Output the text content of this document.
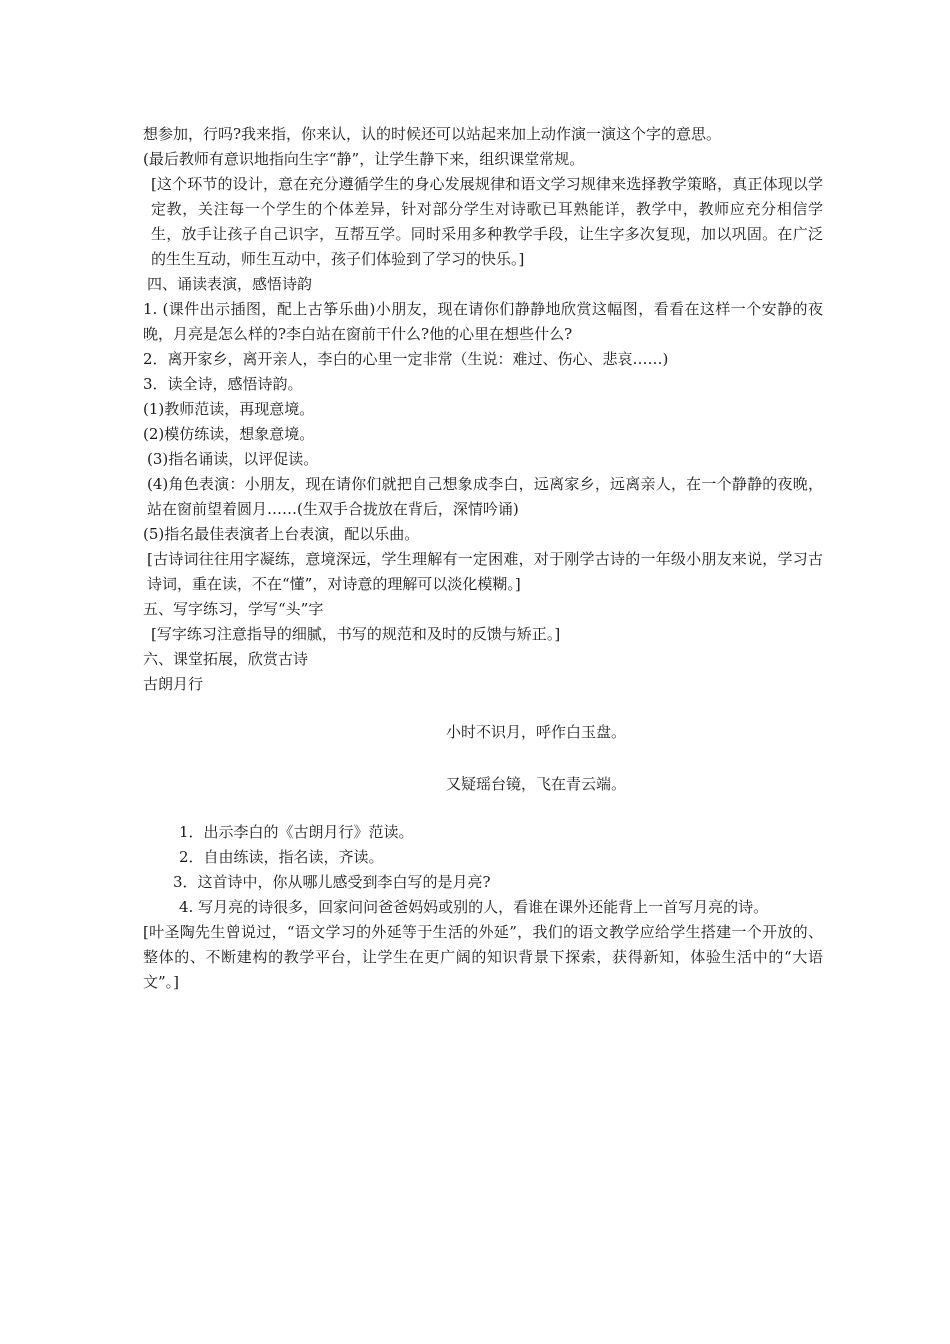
想参加，行吗?我来指，你来认，认的时候还可以站起来加上动作演一演这个字的意思。

(最后教师有意识地指向生字“静”，让学生静下来，组织课堂常规。

[这个环节的设计，意在充分遵循学生的身心发展规律和语文学习规律来选择教学策略，真正体现以学定教，关注每一个学生的个体差异，针对部分学生对诗歌已耳熟能详，教学中，教师应充分相信学生，放手让孩子自己识字，互帮互学。同时采用多种教学手段，让生字多次复现，加以巩固。在广泛的生生互动，师生互动中，孩子们体验到了学习的快乐。]

四、诵读表演，感悟诗韵

1. (课件出示插图，配上古筝乐曲)小朋友，现在请你们静静地欣赏这幅图，看看在这样一个安静的夜晚，月亮是怎么样的?李白站在窗前干什么?他的心里在想些什么?

2．离开家乡，离开亲人，李白的心里一定非常（生说：难过、伤心、悲哀……)

3．读全诗，感悟诗韵。

(1)教师范读，再现意境。

(2)模仿练读，想象意境。

(3)指名诵读，以评促读。

(4)角色表演：小朋友，现在请你们就把自己想象成李白，远离家乡，远离亲人，在一个静静的夜晚，站在窗前望着圆月……(生双手合拢放在背后，深情吟诵)

(5)指名最佳表演者上台表演，配以乐曲。

[古诗词往往用字凝练，意境深远，学生理解有一定困难，对于刚学古诗的一年级小朋友来说，学习古诗词，重在读，不在“懂”，对诗意的理解可以淡化模糊。]

五、写字练习，学写“头”字

[写字练习注意指导的细腻，书写的规范和及时的反馈与矫正。]

六、课堂拓展，欣赏古诗

古朗月行

小时不识月，呼作白玉盘。

又疑瑶台镜，飞在青云端。

1．出示李白的《古朗月行》范读。

2．自由练读，指名读，齐读。

3．这首诗中，你从哪儿感受到李白写的是月亮?

4. 写月亮的诗很多，回家问问爸爸妈妈或别的人，看谁在课外还能背上一首写月亮的诗。

[叶圣陶先生曾说过，“语文学习的外延等于生活的外延”，我们的语文教学应给学生搭建一个开放的、整体的、不断建构的教学平台，让学生在更广阔的知识背景下探索，获得新知，体验生活中的“大语文”。]
